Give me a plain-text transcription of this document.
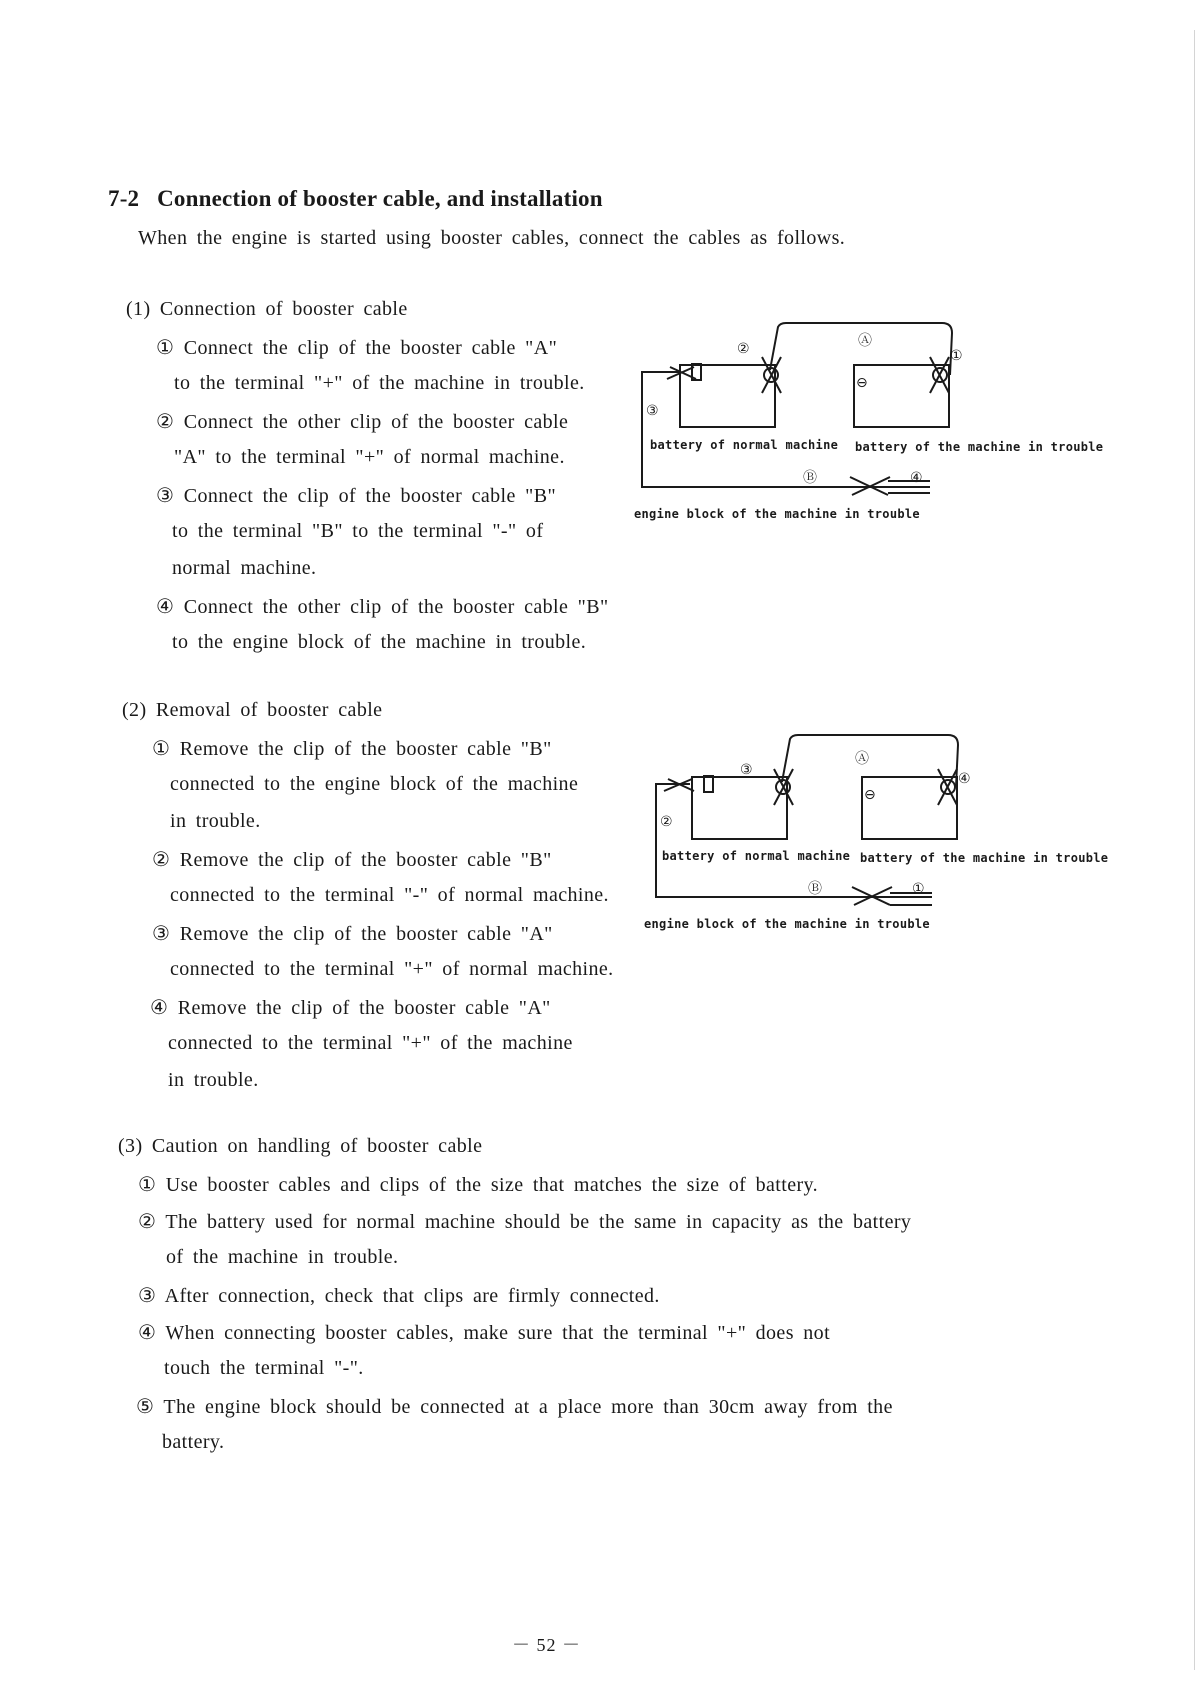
7-2 Connection of booster cable, and installation
When the engine is started using booster cables, connect the cables as follows.
(1) Connection of booster cable
① Connect the clip of the booster cable "A"
to the terminal "+" of the machine in trouble.
② Connect the other clip of the booster cable
"A" to the terminal "+" of normal machine.
③ Connect the clip of the booster cable "B"
to the terminal "B" to the terminal "-" of
normal machine.
④ Connect the other clip of the booster cable "B"
to the engine block of the machine in trouble.
②	Ⓐ
①
③
Ⓑ	④
⊖
battery of normal machine battery of the machine in trouble
engine block of the machine in trouble
(2) Removal of booster cable
① Remove the clip of the booster cable "B"
connected to the engine block of the machine
in trouble.
② Remove the clip of the booster cable "B"
connected to the terminal "-" of normal machine.
③ Remove the clip of the booster cable "A"
connected to the terminal "+" of normal machine.
④ Remove the clip of the booster cable "A"
connected to the terminal "+" of the machine
in trouble.
③
Ⓐ
④
②
Ⓑ	①
⊖
battery of normal machine battery of the machine in trouble
engine block of the machine in trouble
(3) Caution on handling of booster cable
① Use booster cables and clips of the size that matches the size of battery.
② The battery used for normal machine should be the same in capacity as the battery
of the machine in trouble.
③ After connection, check that clips are firmly connected.
④ When connecting booster cables, make sure that the terminal "+" does not
touch the terminal "-".
⑤ The engine block should be connected at a place more than 30cm away from the
battery.
－ 52 －
